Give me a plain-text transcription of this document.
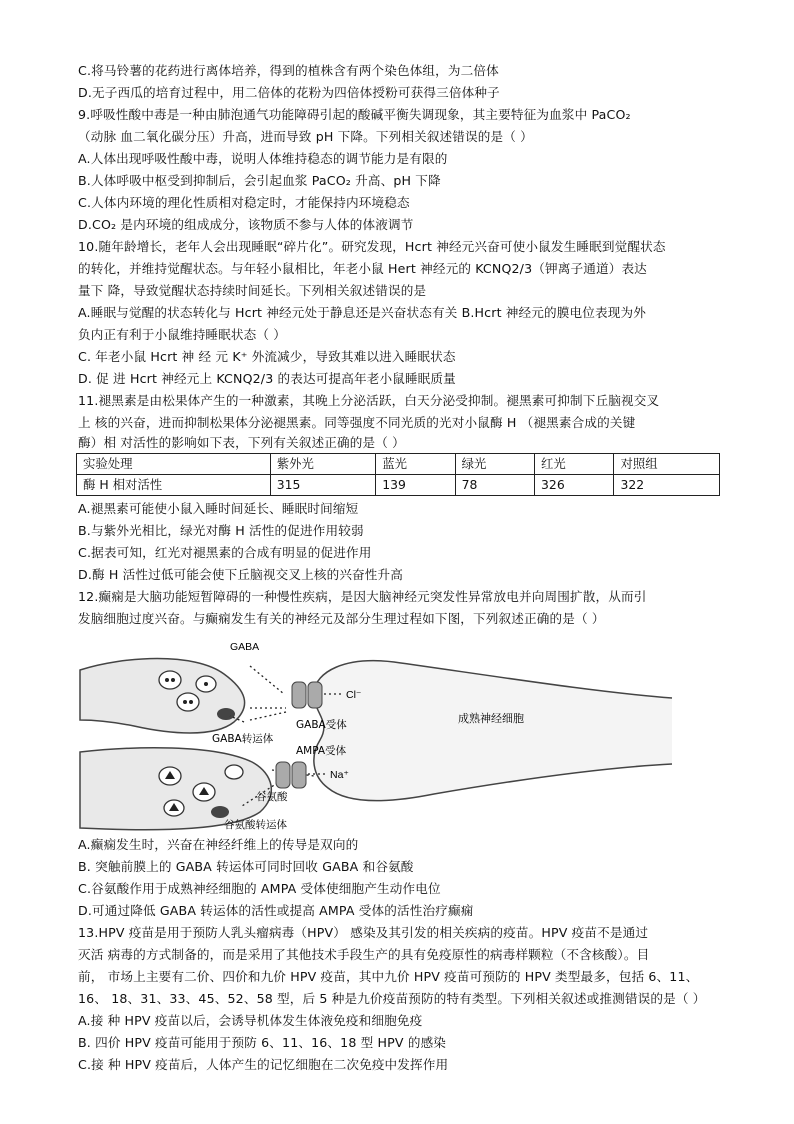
C.将马铃薯的花药进行离体培养，得到的植株含有两个染色体组，为二倍体
D.无子西瓜的培育过程中，用二倍体的花粉为四倍体授粉可获得三倍体种子
9.呼吸性酸中毒是一种由肺泡通气功能障碍引起的酸碱平衡失调现象，其主要特征为血浆中 PaCO₂
（动脉 血二氧化碳分压）升高，进而导致 pH 下降。下列相关叙述错误的是（ ）
A.人体出现呼吸性酸中毒，说明人体维持稳态的调节能力是有限的
B.人体呼吸中枢受到抑制后，会引起血浆 PaCO₂ 升高、pH 下降
C.人体内环境的理化性质相对稳定时，才能保持内环境稳态
D.CO₂ 是内环境的组成成分，该物质不参与人体的体液调节
10.随年龄增长，老年人会出现睡眠“碎片化”。研究发现，Hcrt 神经元兴奋可使小鼠发生睡眠到觉醒状态
的转化，并维持觉醒状态。与年轻小鼠相比，年老小鼠 Hert 神经元的 KCNQ2/3（钾离子通道）表达
量下 降，导致觉醒状态持续时间延长。下列相关叙述错误的是
A.睡眠与觉醒的状态转化与 Hcrt 神经元处于静息还是兴奋状态有关 B.Hcrt 神经元的膜电位表现为外
负内正有利于小鼠维持睡眠状态（ ）
C. 年老小鼠 Hcrt 神 经 元 K⁺ 外流减少，导致其难以进入睡眠状态
D. 促 进 Hcrt 神经元上 KCNQ2/3 的表达可提高年老小鼠睡眠质量
11.褪黑素是由松果体产生的一种激素，其晚上分泌活跃，白天分泌受抑制。褪黑素可抑制下丘脑视交叉
上 核的兴奋，进而抑制松果体分泌褪黑素。同等强度不同光质的光对小鼠酶 H （褪黑素合成的关键
酶）相 对活性的影响如下表，下列有关叙述正确的是（ ）
实验处理	紫外光	蓝光	绿光	红光	对照组
酶 H 相对活性	315	139	78	326	322
A.褪黑素可能使小鼠入睡时间延长、睡眠时间缩短
B.与紫外光相比，绿光对酶 H 活性的促进作用较弱
C.据表可知，红光对褪黑素的合成有明显的促进作用
D.酶 H 活性过低可能会使下丘脑视交叉上核的兴奋性升高
12.癫痫是大脑功能短暂障碍的一种慢性疾病，是因大脑神经元突发性异常放电并向周围扩散，从而引
发脑细胞过度兴奋。与癫痫发生有关的神经元及部分生理过程如下图，下列叙述正确的是（ ）
GABA
Cl⁻
GABA受体	成熟神经细胞
GABA转运体
AMPA受体
Na⁺
谷氨酸
谷氨酸转运体
A.癫痫发生时，兴奋在神经纤维上的传导是双向的
B. 突触前膜上的 GABA 转运体可同时回收 GABA 和谷氨酸
C.谷氨酸作用于成熟神经细胞的 AMPA 受体使细胞产生动作电位
D.可通过降低 GABA 转运体的活性或提高 AMPA 受体的活性治疗癫痫
13.HPV 疫苗是用于预防人乳头瘤病毒（HPV） 感染及其引发的相关疾病的疫苗。HPV 疫苗不是通过
灭活 病毒的方式制备的，而是采用了其他技术手段生产的具有免疫原性的病毒样颗粒（不含核酸）。目
前， 市场上主要有二价、四价和九价 HPV 疫苗，其中九价 HPV 疫苗可预防的 HPV 类型最多，包括 6、11、
16、 18、31、33、45、52、58 型，后 5 种是九价疫苗预防的特有类型。下列相关叙述或推测错误的是（ ）
A.接 种 HPV 疫苗以后，会诱导机体发生体液免疫和细胞免疫
B. 四价 HPV 疫苗可能用于预防 6、11、16、18 型 HPV 的感染
C.接 种 HPV 疫苗后，人体产生的记忆细胞在二次免疫中发挥作用
